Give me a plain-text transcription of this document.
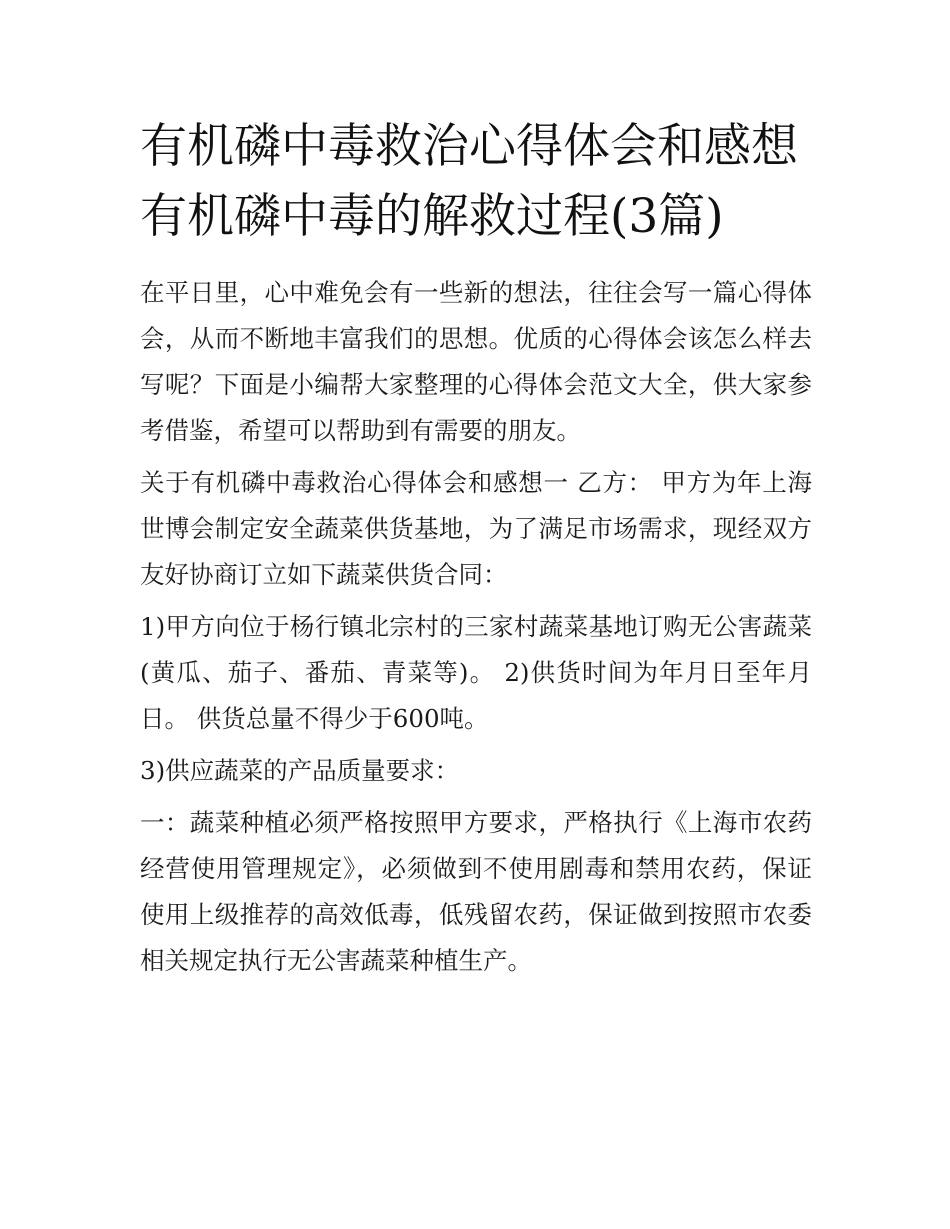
有机磷中毒救治心得体会和感想 有机磷中毒的解救过程(3篇)

在平日里，心中难免会有一些新的想法，往往会写一篇心得体会，从而不断地丰富我们的思想。优质的心得体会该怎么样去写呢？下面是小编帮大家整理的心得体会范文大全，供大家参考借鉴，希望可以帮助到有需要的朋友。

关于有机磷中毒救治心得体会和感想一 乙方： 甲方为年上海世博会制定安全蔬菜供货基地，为了满足市场需求，现经双方友好协商订立如下蔬菜供货合同：

1)甲方向位于杨行镇北宗村的三家村蔬菜基地订购无公害蔬菜(黄瓜、茄子、番茄、青菜等)。 2)供货时间为年月日至年月日。 供货总量不得少于600吨。

3)供应蔬菜的产品质量要求：

一：蔬菜种植必须严格按照甲方要求，严格执行《上海市农药经营使用管理规定》，必须做到不使用剧毒和禁用农药，保证使用上级推荐的高效低毒，低残留农药，保证做到按照市农委相关规定执行无公害蔬菜种植生产。
